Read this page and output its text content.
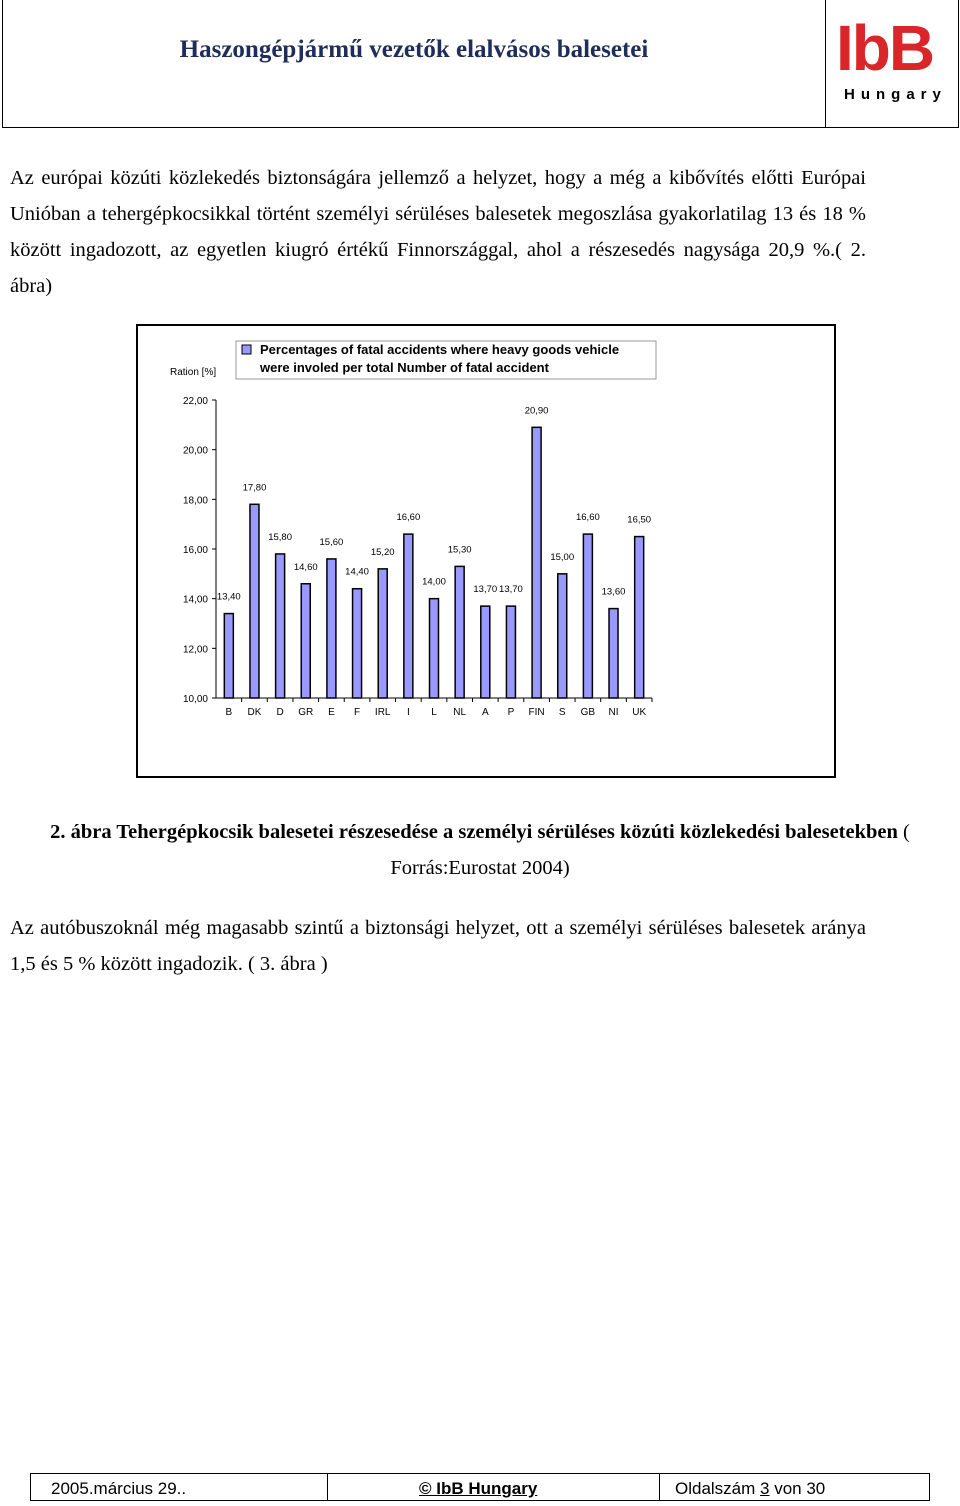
Haszongépjármű vezetők elalvásos balesetei	IbB
Hungary
Az európai közúti közlekedés biztonságára jellemző a helyzet, hogy a még a kibővítés előtti Európai Unióban a tehergépkocsikkal történt személyi sérüléses balesetek megoszlása gyakorlatilag 13 és 18 % között ingadozott, az egyetlen kiugró értékű Finnországgal, ahol a részesedés nagysága 20,9 %.( 2. ábra)
Ration [%]
Percentages of fatal accidents where heavy goods vehicle
were involed per total Number of fatal accident
10,00
12,00
14,00
16,00
18,00
20,00
22,00
B DK D GR E F IRL I L NL A P FIN S GB NI UK
13,40
17,80
15,80
14,60
15,60
14,40
15,20
16,60
14,00
15,30
13,70 13,70
20,90
15,00
16,60
13,60
16,50
2. ábra Tehergépkocsik balesetei részesedése a személyi sérüléses közúti közlekedési balesetekben ( Forrás:Eurostat 2004)
Az autóbuszoknál még magasabb szintű a biztonsági helyzet, ott a személyi sérüléses balesetek aránya 1,5 és 5 % között ingadozik. ( 3. ábra )
2005.március 29..	© IbB Hungary	Oldalszám 3 von 30
